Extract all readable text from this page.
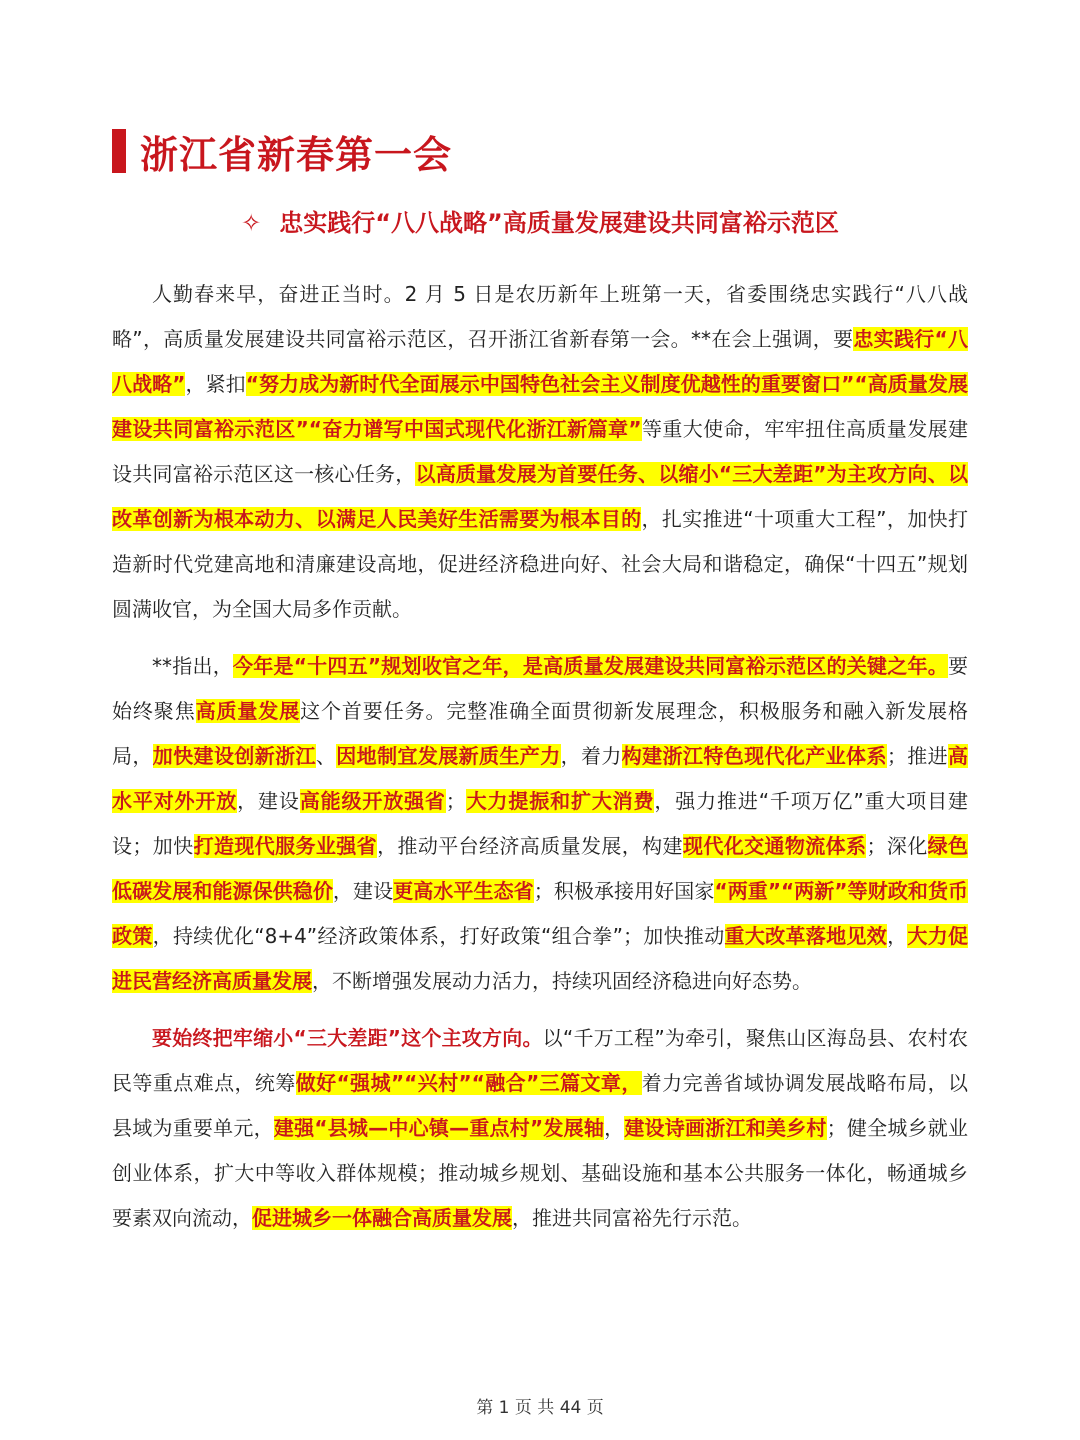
浙江省新春第一会
✧ 忠实践行“八八战略”高质量发展建设共同富裕示范区

人勤春来早，奋进正当时。2 月 5 日是农历新年上班第一天，省委围绕忠实践行“八八战略”，高质量发展建设共同富裕示范区，召开浙江省新春第一会。**在会上强调，要忠实践行“八八战略”，紧扣“努力成为新时代全面展示中国特色社会主义制度优越性的重要窗口”“高质量发展建设共同富裕示范区”“奋力谱写中国式现代化浙江新篇章”等重大使命，牢牢扭住高质量发展建设共同富裕示范区这一核心任务，以高质量发展为首要任务、以缩小“三大差距”为主攻方向、以改革创新为根本动力、以满足人民美好生活需要为根本目的，扎实推进“十项重大工程”，加快打造新时代党建高地和清廉建设高地，促进经济稳进向好、社会大局和谐稳定，确保“十四五”规划圆满收官，为全国大局多作贡献。

**指出，今年是“十四五”规划收官之年，是高质量发展建设共同富裕示范区的关键之年。要始终聚焦高质量发展这个首要任务。完整准确全面贯彻新发展理念，积极服务和融入新发展格局，加快建设创新浙江、因地制宜发展新质生产力，着力构建浙江特色现代化产业体系；推进高水平对外开放，建设高能级开放强省；大力提振和扩大消费，强力推进“千项万亿”重大项目建设；加快打造现代服务业强省，推动平台经济高质量发展，构建现代化交通物流体系；深化绿色低碳发展和能源保供稳价，建设更高水平生态省；积极承接用好国家“两重”“两新”等财政和货币政策，持续优化“8+4”经济政策体系，打好政策“组合拳”；加快推动重大改革落地见效，大力促进民营经济高质量发展，不断增强发展动力活力，持续巩固经济稳进向好态势。

要始终把牢缩小“三大差距”这个主攻方向。以“千万工程”为牵引，聚焦山区海岛县、农村农民等重点难点，统筹做好“强城”“兴村”“融合”三篇文章，着力完善省域协调发展战略布局，以县域为重要单元，建强“县城—中心镇—重点村”发展轴，建设诗画浙江和美乡村；健全城乡就业创业体系，扩大中等收入群体规模；推动城乡规划、基础设施和基本公共服务一体化，畅通城乡要素双向流动，促进城乡一体融合高质量发展，推进共同富裕先行示范。

第 1 页 共 44 页
